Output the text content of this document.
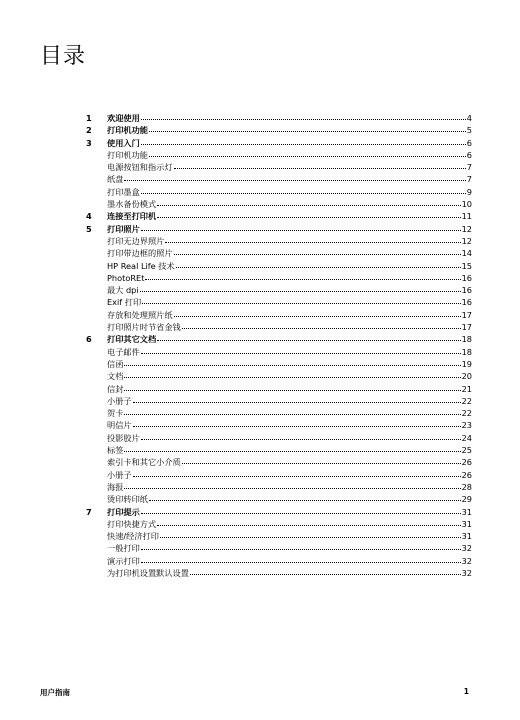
目录
1	欢迎使用	4
2	打印机功能	5
3	使用入门	6
打印机功能	6
电源按钮和指示灯	7
纸盘	7
打印墨盒	9
墨水备份模式	10
4	连接至打印机	11
5	打印照片	12
打印无边界照片	12
打印带边框的照片	14
HP Real Life 技术	15
PhotoREt	16
最大 dpi	16
Exif 打印	16
存放和处理照片纸	17
打印照片时节省金钱	17
6	打印其它文档	18
电子邮件	18
信函	19
文档	20
信封	21
小册子	22
贺卡	22
明信片	23
投影胶片	24
标签	25
索引卡和其它小介质	26
小册子	26
海报	28
烫印转印纸	29
7	打印提示	31
打印快捷方式	31
快速/经济打印	31
一般打印	32
演示打印	32
为打印机设置默认设置	32
用户指南	1
